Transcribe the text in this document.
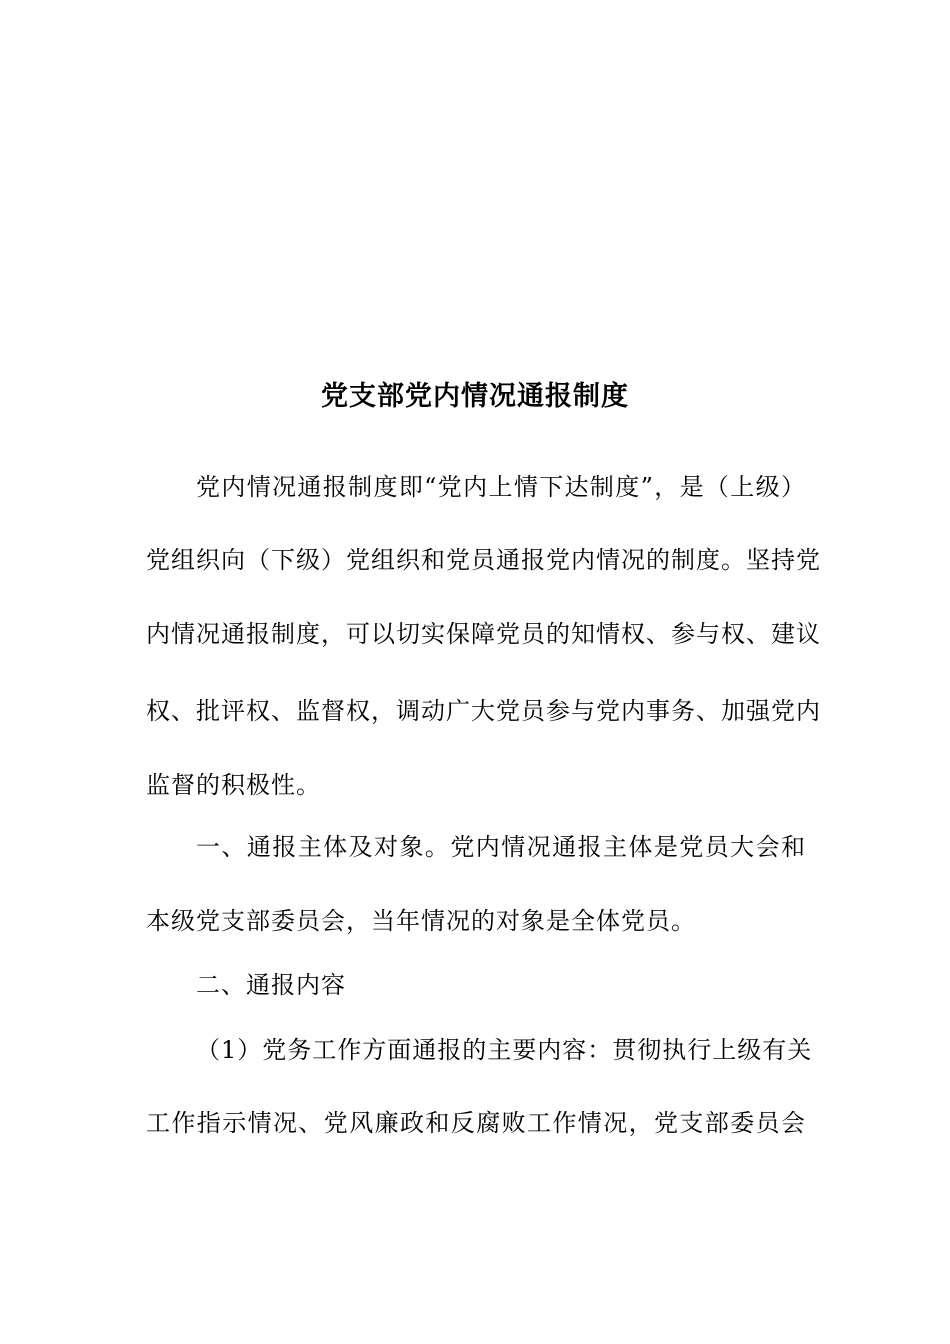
党支部党内情况通报制度
党内情况通报制度即“党内上情下达制度”，是（上级）
党组织向（下级）党组织和党员通报党内情况的制度。坚持党
内情况通报制度，可以切实保障党员的知情权、参与权、建议
权、批评权、监督权，调动广大党员参与党内事务、加强党内
监督的积极性。
一、通报主体及对象。党内情况通报主体是党员大会和
本级党支部委员会，当年情况的对象是全体党员。
二、通报内容
（1）党务工作方面通报的主要内容：贯彻执行上级有关
工作指示情况、党风廉政和反腐败工作情况，党支部委员会
